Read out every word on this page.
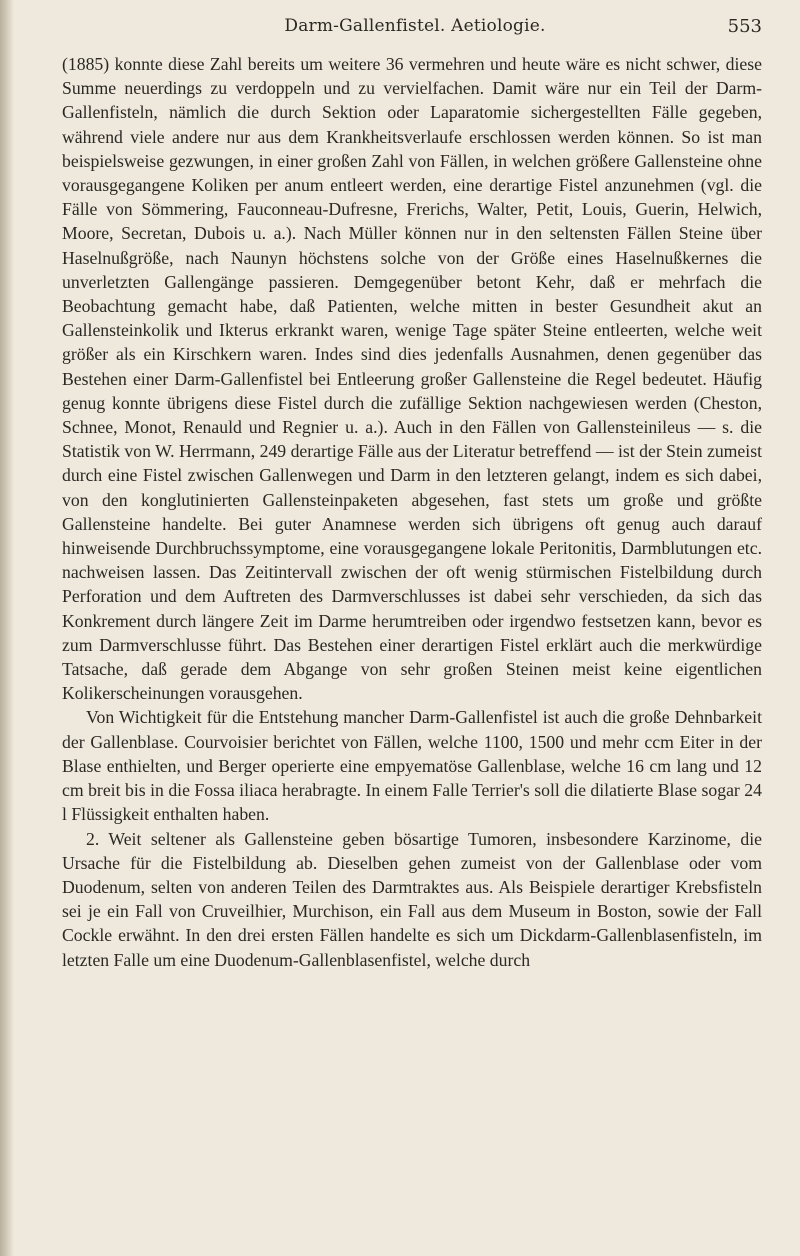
Darm-Gallenfistel. Aetiologie.	553

(1885) konnte diese Zahl bereits um weitere 36 vermehren und heute wäre es nicht schwer, diese Summe neuerdings zu verdoppeln und zu vervielfachen. Damit wäre nur ein Teil der Darm-Gallenfisteln, nämlich die durch Sektion oder Laparatomie sichergestellten Fälle gegeben, während viele andere nur aus dem Krankheitsverlaufe erschlossen werden können. So ist man beispielsweise gezwungen, in einer großen Zahl von Fällen, in welchen größere Gallensteine ohne vorausgegangene Koliken per anum entleert werden, eine derartige Fistel anzunehmen (vgl. die Fälle von Sömmering, Fauconneau-Dufresne, Frerichs, Walter, Petit, Louis, Guerin, Helwich, Moore, Secretan, Dubois u. a.). Nach Müller können nur in den seltensten Fällen Steine über Haselnußgröße, nach Naunyn höchstens solche von der Größe eines Haselnußkernes die unverletzten Gallengänge passieren. Demgegenüber betont Kehr, daß er mehrfach die Beobachtung gemacht habe, daß Patienten, welche mitten in bester Gesundheit akut an Gallensteinkolik und Ikterus erkrankt waren, wenige Tage später Steine entleerten, welche weit größer als ein Kirschkern waren. Indes sind dies jedenfalls Ausnahmen, denen gegenüber das Bestehen einer Darm-Gallenfistel bei Entleerung großer Gallensteine die Regel bedeutet. Häufig genug konnte übrigens diese Fistel durch die zufällige Sektion nachgewiesen werden (Cheston, Schnee, Monot, Renauld und Regnier u. a.). Auch in den Fällen von Gallensteinileus — s. die Statistik von W. Herrmann, 249 derartige Fälle aus der Literatur betreffend — ist der Stein zumeist durch eine Fistel zwischen Gallenwegen und Darm in den letzteren gelangt, indem es sich dabei, von den konglutinierten Gallensteinpaketen abgesehen, fast stets um große und größte Gallensteine handelte. Bei guter Anamnese werden sich übrigens oft genug auch darauf hinweisende Durchbruchssymptome, eine vorausgegangene lokale Peritonitis, Darmblutungen etc. nachweisen lassen. Das Zeitintervall zwischen der oft wenig stürmischen Fistelbildung durch Perforation und dem Auftreten des Darmverschlusses ist dabei sehr verschieden, da sich das Konkrement durch längere Zeit im Darme herumtreiben oder irgendwo festsetzen kann, bevor es zum Darmverschlusse führt. Das Bestehen einer derartigen Fistel erklärt auch die merkwürdige Tatsache, daß gerade dem Abgange von sehr großen Steinen meist keine eigentlichen Kolikerscheinungen vorausgehen.

Von Wichtigkeit für die Entstehung mancher Darm-Gallenfistel ist auch die große Dehnbarkeit der Gallenblase. Courvoisier berichtet von Fällen, welche 1100, 1500 und mehr ccm Eiter in der Blase enthielten, und Berger operierte eine empyematöse Gallenblase, welche 16 cm lang und 12 cm breit bis in die Fossa iliaca herabragte. In einem Falle Terrier's soll die dilatierte Blase sogar 24 l Flüssigkeit enthalten haben.

2. Weit seltener als Gallensteine geben bösartige Tumoren, insbesondere Karzinome, die Ursache für die Fistelbildung ab. Dieselben gehen zumeist von der Gallenblase oder vom Duodenum, selten von anderen Teilen des Darmtraktes aus. Als Beispiele derartiger Krebsfisteln sei je ein Fall von Cruveilhier, Murchison, ein Fall aus dem Museum in Boston, sowie der Fall Cockle erwähnt. In den drei ersten Fällen handelte es sich um Dickdarm-Gallenblasenfisteln, im letzten Falle um eine Duodenum-Gallenblasenfistel, welche durch
